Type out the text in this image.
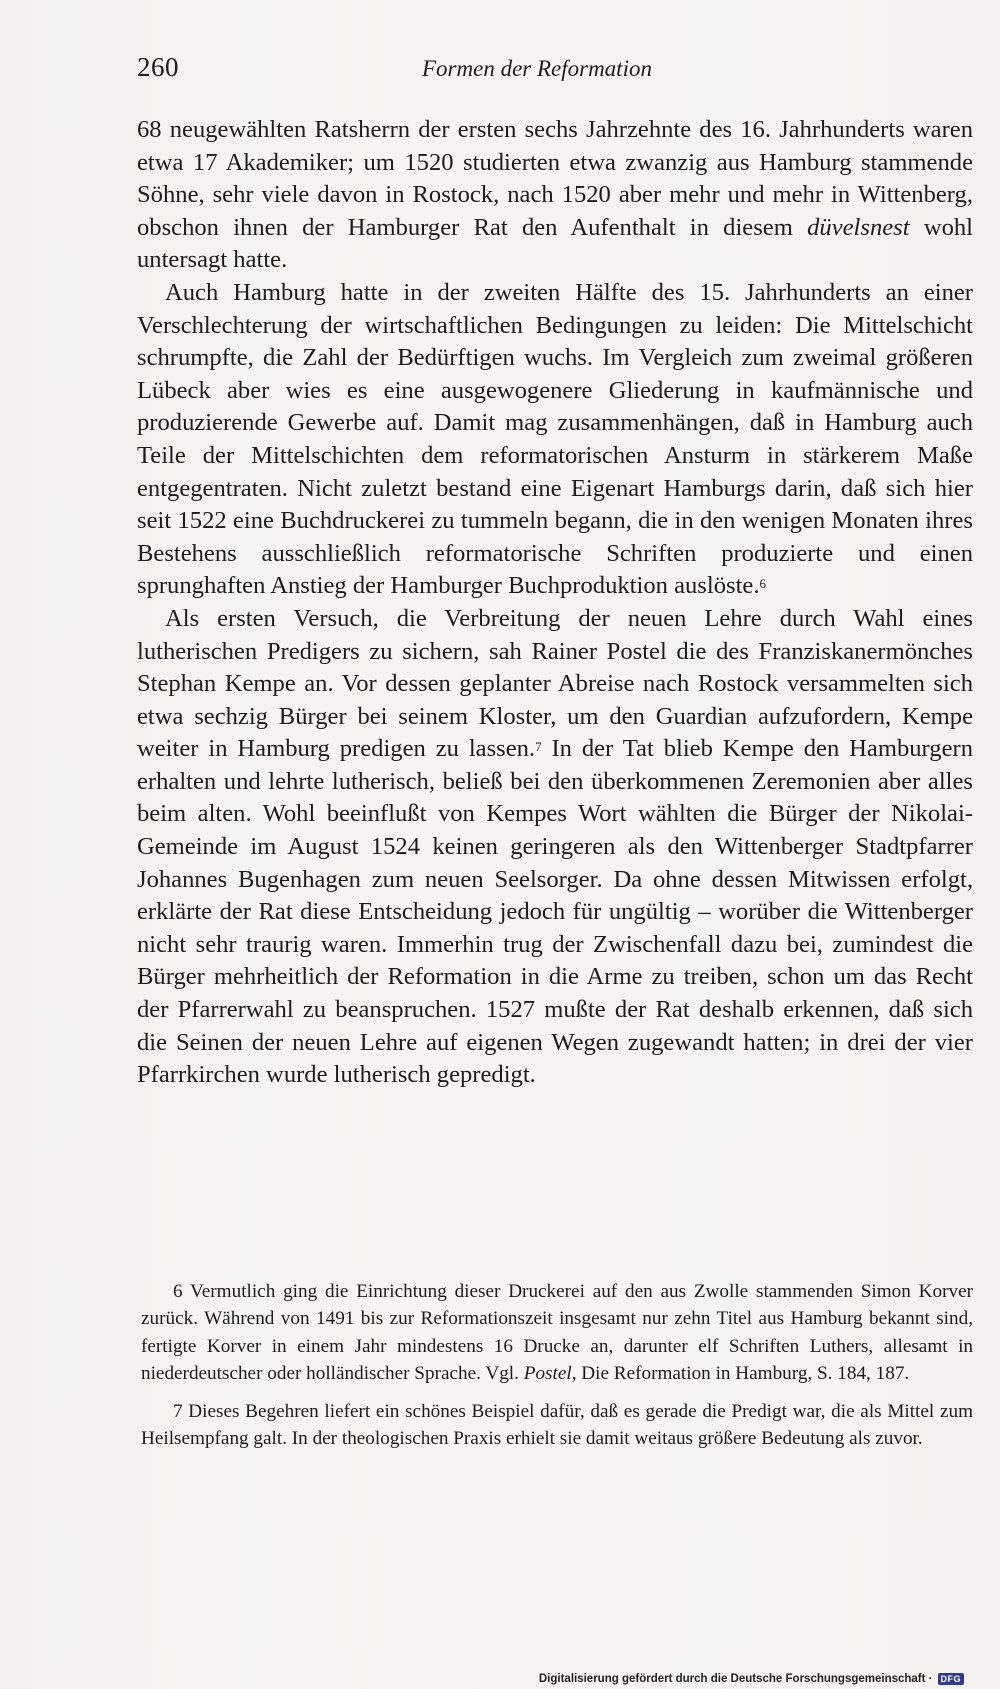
260	Formen der Reformation

68 neugewählten Ratsherrn der ersten sechs Jahrzehnte des 16. Jahrhunderts waren etwa 17 Akademiker; um 1520 studierten etwa zwanzig aus Hamburg stammende Söhne, sehr viele davon in Rostock, nach 1520 aber mehr und mehr in Wittenberg, obschon ihnen der Hamburger Rat den Aufenthalt in diesem düvelsnest wohl untersagt hatte.

Auch Hamburg hatte in der zweiten Hälfte des 15. Jahrhunderts an einer Verschlechterung der wirtschaftlichen Bedingungen zu leiden: Die Mittelschicht schrumpfte, die Zahl der Bedürftigen wuchs. Im Vergleich zum zweimal größeren Lübeck aber wies es eine ausgewogenere Gliederung in kaufmännische und produzierende Gewerbe auf. Damit mag zusammenhängen, daß in Hamburg auch Teile der Mittelschichten dem reformatorischen Ansturm in stärkerem Maße entgegentraten. Nicht zuletzt bestand eine Eigenart Hamburgs darin, daß sich hier seit 1522 eine Buchdruckerei zu tummeln begann, die in den wenigen Monaten ihres Bestehens ausschließlich reformatorische Schriften produzierte und einen sprunghaften Anstieg der Hamburger Buchproduktion auslöste.$^6$

Als ersten Versuch, die Verbreitung der neuen Lehre durch Wahl eines lutherischen Predigers zu sichern, sah Rainer Postel die des Franziskanermönches Stephan Kempe an. Vor dessen geplanter Abreise nach Rostock versammelten sich etwa sechzig Bürger bei seinem Kloster, um den Guardian aufzufordern, Kempe weiter in Hamburg predigen zu lassen.$^7$ In der Tat blieb Kempe den Hamburgern erhalten und lehrte lutherisch, beließ bei den überkommenen Zeremonien aber alles beim alten. Wohl beeinflußt von Kempes Wort wählten die Bürger der Nikolai-Gemeinde im August 1524 keinen geringeren als den Wittenberger Stadtpfarrer Johannes Bugenhagen zum neuen Seelsorger. Da ohne dessen Mitwissen erfolgt, erklärte der Rat diese Entscheidung jedoch für ungültig – worüber die Wittenberger nicht sehr traurig waren. Immerhin trug der Zwischenfall dazu bei, zumindest die Bürger mehrheitlich der Reformation in die Arme zu treiben, schon um das Recht der Pfarrerwahl zu beanspruchen. 1527 mußte der Rat deshalb erkennen, daß sich die Seinen der neuen Lehre auf eigenen Wegen zugewandt hatten; in drei der vier Pfarrkirchen wurde lutherisch gepredigt.

6 Vermutlich ging die Einrichtung dieser Druckerei auf den aus Zwolle stammenden Simon Korver zurück. Während von 1491 bis zur Reformationszeit insgesamt nur zehn Titel aus Hamburg bekannt sind, fertigte Korver in einem Jahr mindestens 16 Drucke an, darunter elf Schriften Luthers, allesamt in niederdeutscher oder holländischer Sprache. Vgl. Postel, Die Reformation in Hamburg, S. 184, 187.

7 Dieses Begehren liefert ein schönes Beispiel dafür, daß es gerade die Predigt war, die als Mittel zum Heilsempfang galt. In der theologischen Praxis erhielt sie damit weitaus größere Bedeutung als zuvor.

Digitalisierung gefördert durch die Deutsche Forschungsgemeinschaft · DFG
